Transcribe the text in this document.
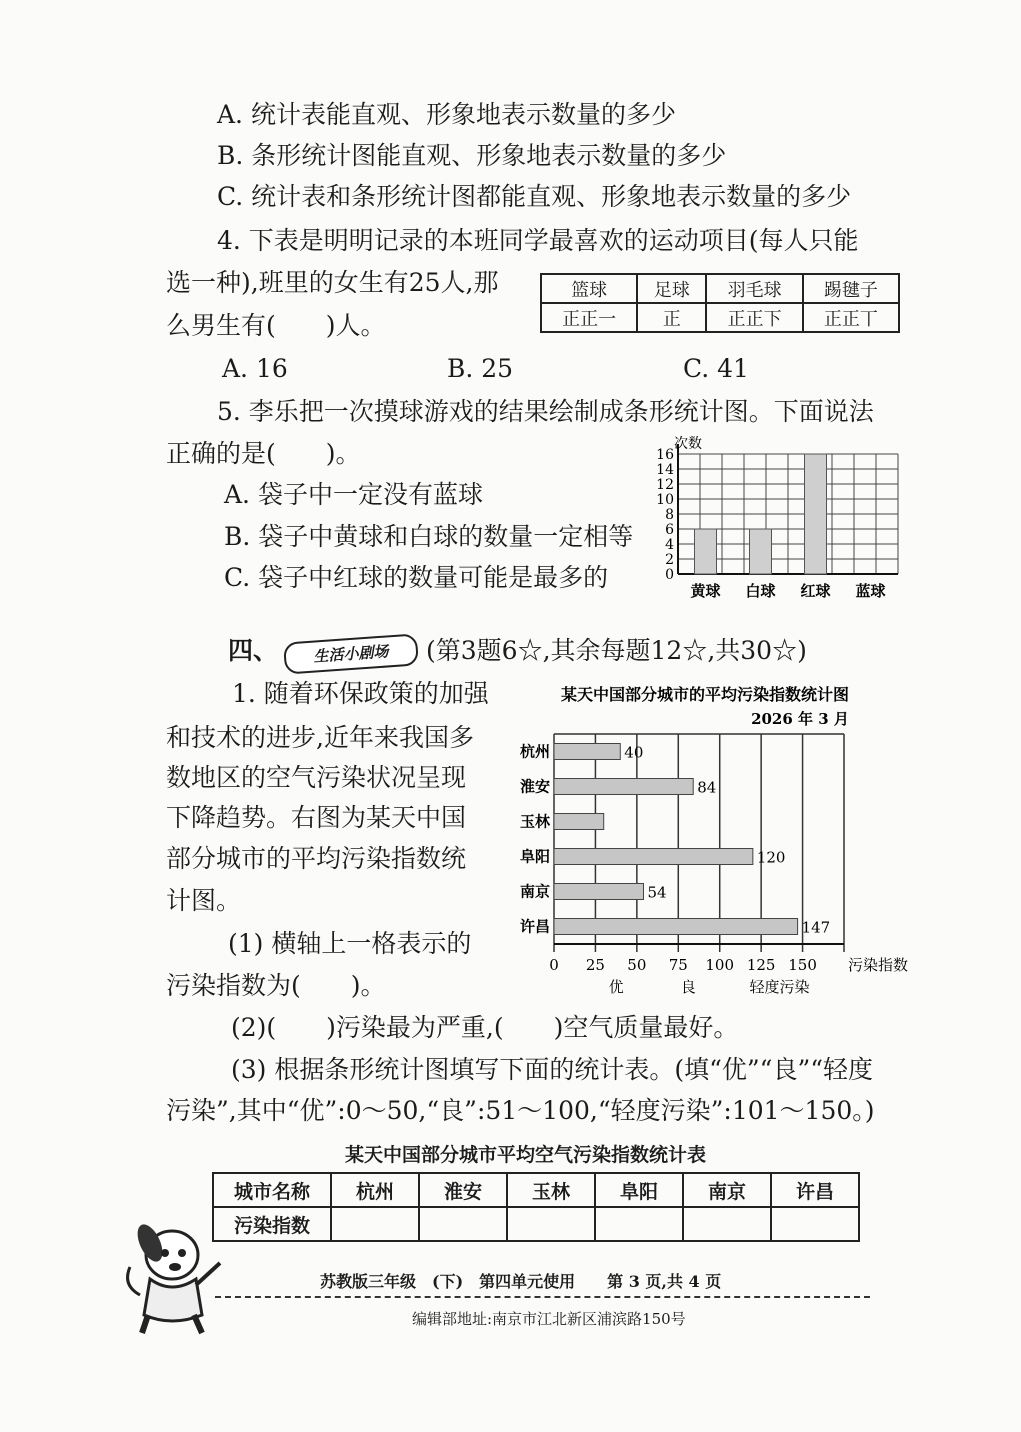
A. 统计表能直观、形象地表示数量的多少
B. 条形统计图能直观、形象地表示数量的多少
C. 统计表和条形统计图都能直观、形象地表示数量的多少
4. 下表是明明记录的本班同学最喜欢的运动项目(每人只能
选一种),班里的女生有25人,那
么男生有(　　)人。
篮球	足球	羽毛球	踢毽子
正正一	正	正正下	正正丅
A. 16	B. 25	C. 41
5. 李乐把一次摸球游戏的结果绘制成条形统计图。下面说法
正确的是(　　)。
A. 袋子中一定没有蓝球
B. 袋子中黄球和白球的数量一定相等
C. 袋子中红球的数量可能是最多的	0
2
4
6
8
10
12
14
16
次数
黄球 白球 红球 蓝球
四、	生活小剧场	(第3题6☆,其余每题12☆,共30☆)
1. 随着环保政策的加强
和技术的进步,近年来我国多
数地区的空气污染状况呈现
下降趋势。右图为某天中国
部分城市的平均污染指数统
计图。
(1) 横轴上一格表示的
污染指数为(　　)。
(2)(　　)污染最为严重,(　　)空气质量最好。
(3) 根据条形统计图填写下面的统计表。(填“优”“良”“轻度
污染”,其中“优”:0～50,“良”:51～100,“轻度污染”:101～150。)
某天中国部分城市的平均污染指数统计图
2026 年 3 月
0 25 50 75 100 125 150 污染指数
优	良	轻度污染
杭州	40
淮安	84
玉林
阜阳	120
南京	54
许昌	147
某天中国部分城市平均空气污染指数统计表
城市名称	杭州	淮安	玉林	阜阳	南京	许昌
污染指数						
苏教版三年级　(下)　第四单元使用　　第 3 页,共 4 页
编辑部地址:南京市江北新区浦滨路150号
